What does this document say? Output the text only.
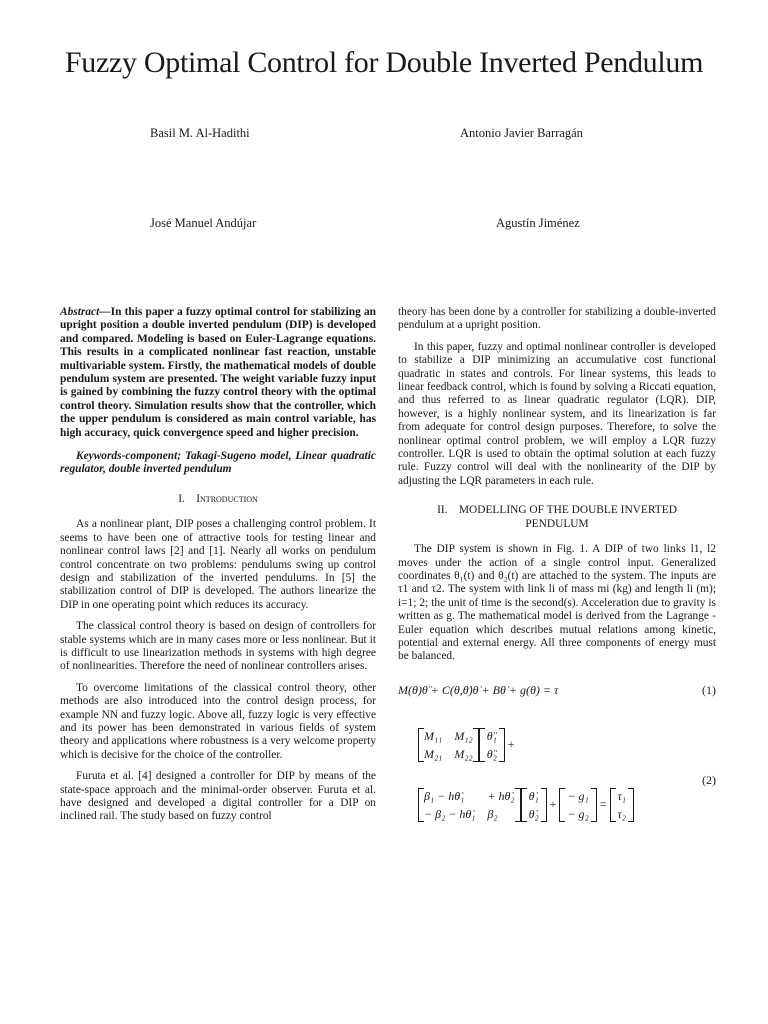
Fuzzy Optimal Control for Double Inverted Pendulum
Basil M. Al-Hadithi	Antonio Javier Barragán
José Manuel Andújar	Agustín Jiménez

Abstract—In this paper a fuzzy optimal control for stabilizing an upright position a double inverted pendulum (DIP) is developed and compared. Modeling is based on Euler-Lagrange equations. This results in a complicated nonlinear fast reaction, unstable multivariable system. Firstly, the mathematical models of double pendulum system are presented. The weight variable fuzzy input is gained by combining the fuzzy control theory with the optimal control theory. Simulation results show that the controller, which the upper pendulum is considered as main control variable, has high accuracy, quick convergence speed and higher precision.

Keywords-component; Takagi-Sugeno model, Linear quadratic regulator, double inverted pendulum

I. Introduction

As a nonlinear plant, DIP poses a challenging control problem. It seems to have been one of attractive tools for testing linear and nonlinear control laws [2] and [1]. Nearly all works on pendulum control concentrate on two problems: pendulums swing up control design and stabilization of the inverted pendulums. In [5] the stabilization control of DIP is developed. The authors linearize the DIP in one operating point which reduces its accuracy.

The classical control theory is based on design of controllers for stable systems which are in many cases more or less nonlinear. But it is difficult to use linearization methods in systems with high degree of nonlinearities. Therefore the need of nonlinear controllers arises.

To overcome limitations of the classical control theory, other methods are also introduced into the control design process, for example NN and fuzzy logic. Above all, fuzzy logic is very effective and its power has been demonstrated in various fields of system theory and applications where robustness is a very welcome property which is decisive for the choice of the controller.

Furuta et al. [4] designed a controller for DIP by means of the state-space approach and the minimal-order observer. Furuta et al. have designed and developed a digital controller for a DIP on inclined rail. The study based on fuzzy control

theory has been done by a controller for stabilizing a double-inverted pendulum at a upright position.

In this paper, fuzzy and optimal nonlinear controller is developed to stabilize a DIP minimizing an accumulative cost functional quadratic in states and controls. For linear systems, this leads to linear feedback control, which is found by solving a Riccati equation, and thus referred to as linear quadratic regulator (LQR). DIP, however, is a highly nonlinear system, and its linearization is far from adequate for control design purposes. Therefore, to solve the nonlinear optimal control problem, we will employ a LQR fuzzy controller. LQR is used to obtain the optimal solution at each fuzzy rule. Fuzzy control will deal with the nonlinearity of the DIP by adjusting the LQR parameters in each rule.

II. MODELLING OF THE DOUBLE INVERTED
PENDULUM

The DIP system is shown in Fig. 1. A DIP of two links l1, l2 moves under the action of a single control input. Generalized coordinates θ₁(t) and θ₂(t) are attached to the system. The inputs are τ1 and τ2. The system with link li of mass mi (kg) and length li (m); i=1; 2; the unit of time is the second(s). Acceleration due to gravity is written as g. The mathematical model is derived from the Lagrange - Euler equation which describes mutual relations among kinetic, potential and external energy. All three components of energy must be balanced.

M(θ)θ̈ + C(θ,θ̇)θ̇ + Bθ̇ + g(θ) = τ	(1)
M₁₁ M₁₂
M₂₁ M₂₂
θ̈₁
θ̈₂
+
(2)
β₁ − hθ̇₁	+ hθ̇₂
− β₂ − hθ̇₁ β₂
θ̇₁
θ̇₂
+
− g₁
− g₂
=
τ₁
τ₂
